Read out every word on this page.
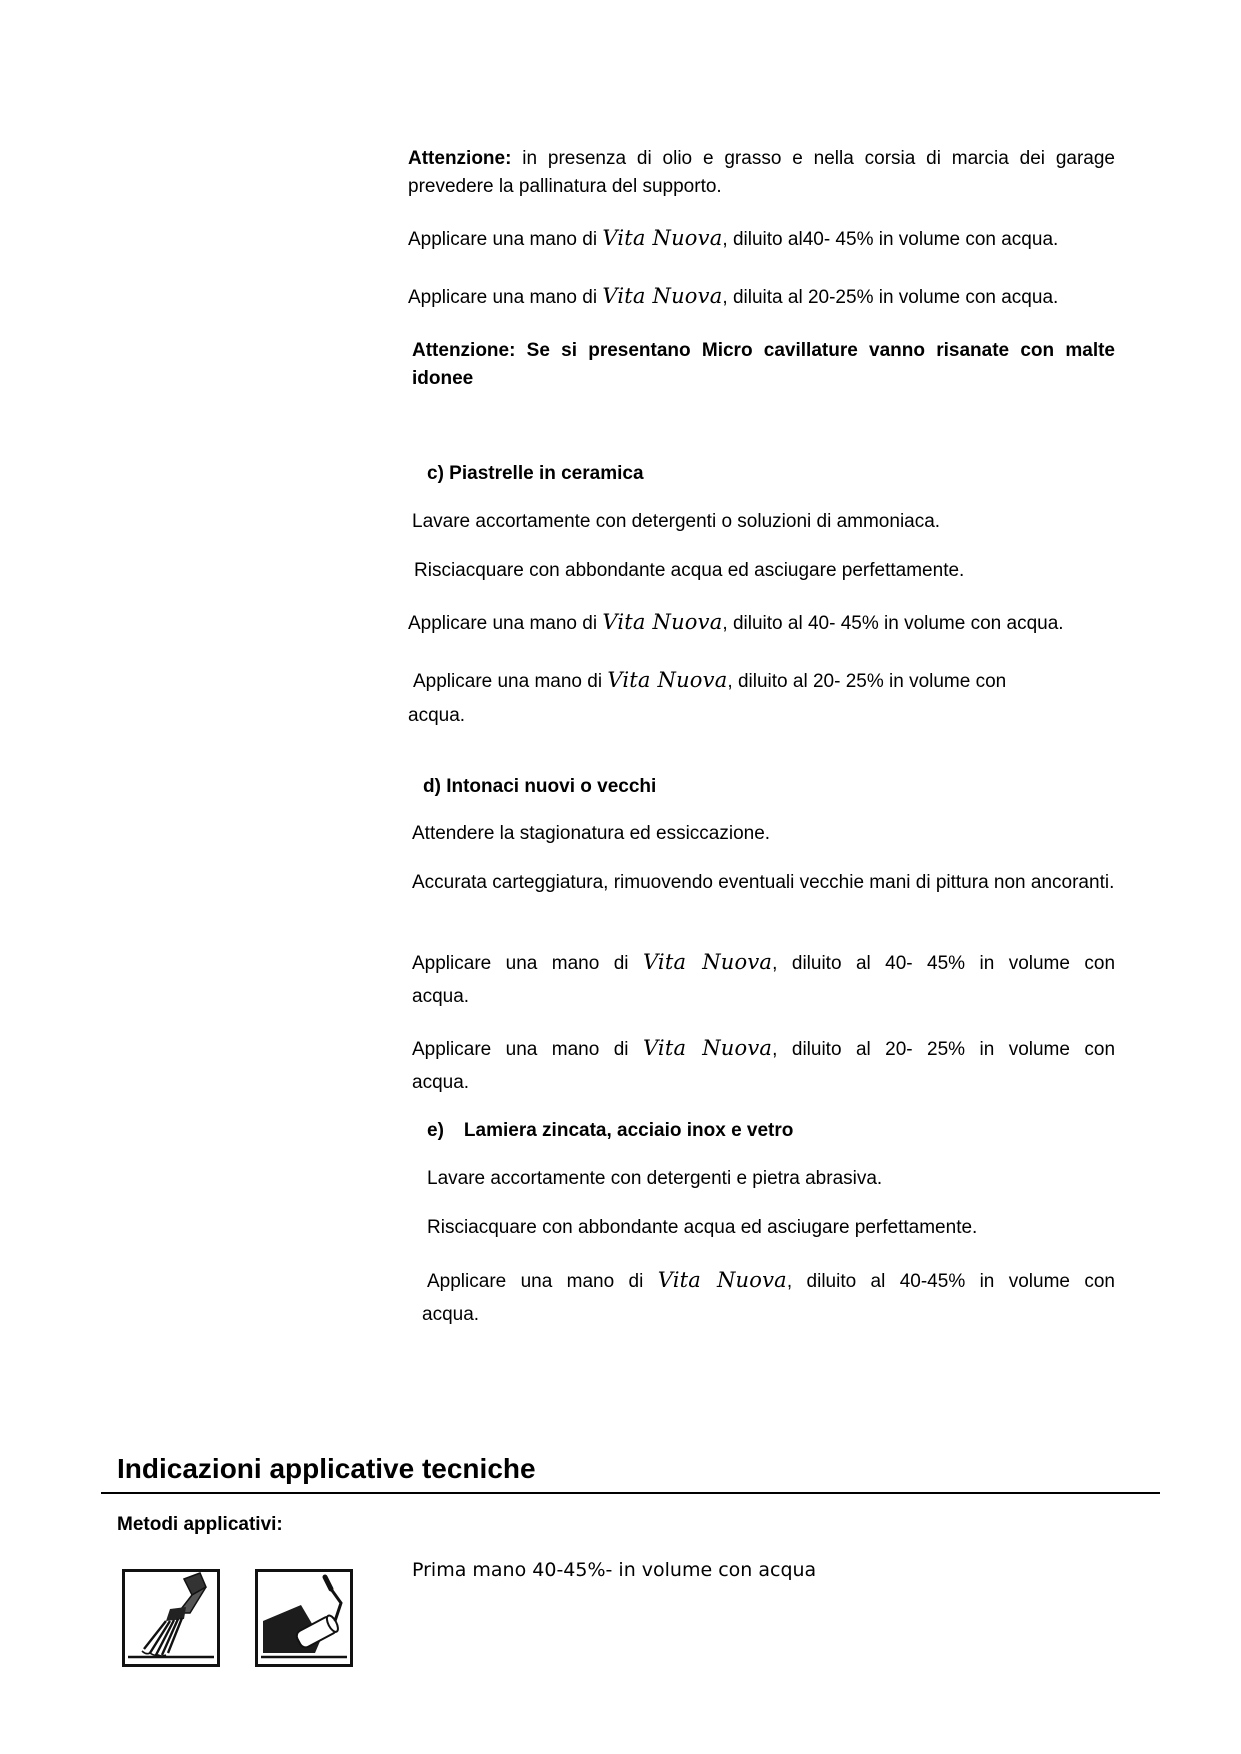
Attenzione: in presenza di olio e grasso e nella corsia di marcia dei garage prevedere la pallinatura del supporto.

Applicare una mano di Vita Nuova, diluito al40- 45% in volume con acqua.

Applicare una mano di Vita Nuova, diluita al 20-25% in volume con acqua.

Attenzione: Se si presentano Micro cavillature vanno risanate con malte idonee

c) Piastrelle in ceramica

Lavare accortamente con detergenti o soluzioni di ammoniaca.

Risciacquare con abbondante acqua ed asciugare perfettamente.

Applicare una mano di Vita Nuova, diluito al 40- 45% in volume con acqua.

Applicare una mano di Vita Nuova, diluito al 20- 25% in volume con

acqua.

d) Intonaci nuovi o vecchi

Attendere la stagionatura ed essiccazione.

Accurata carteggiatura, rimuovendo eventuali vecchie mani di pittura non ancoranti.

Applicare una mano di Vita Nuova, diluito al 40- 45% in volume con

acqua.

Applicare una mano di Vita Nuova, diluito al 20- 25% in volume con

acqua.

e) Lamiera zincata, acciaio inox e vetro

Lavare accortamente con detergenti e pietra abrasiva.

Risciacquare con abbondante acqua ed asciugare perfettamente.

Applicare una mano di Vita Nuova, diluito al 40-45% in volume con

acqua.

Indicazioni applicative tecniche

Metodi applicativi:

Prima mano 40-45%- in volume con acqua
